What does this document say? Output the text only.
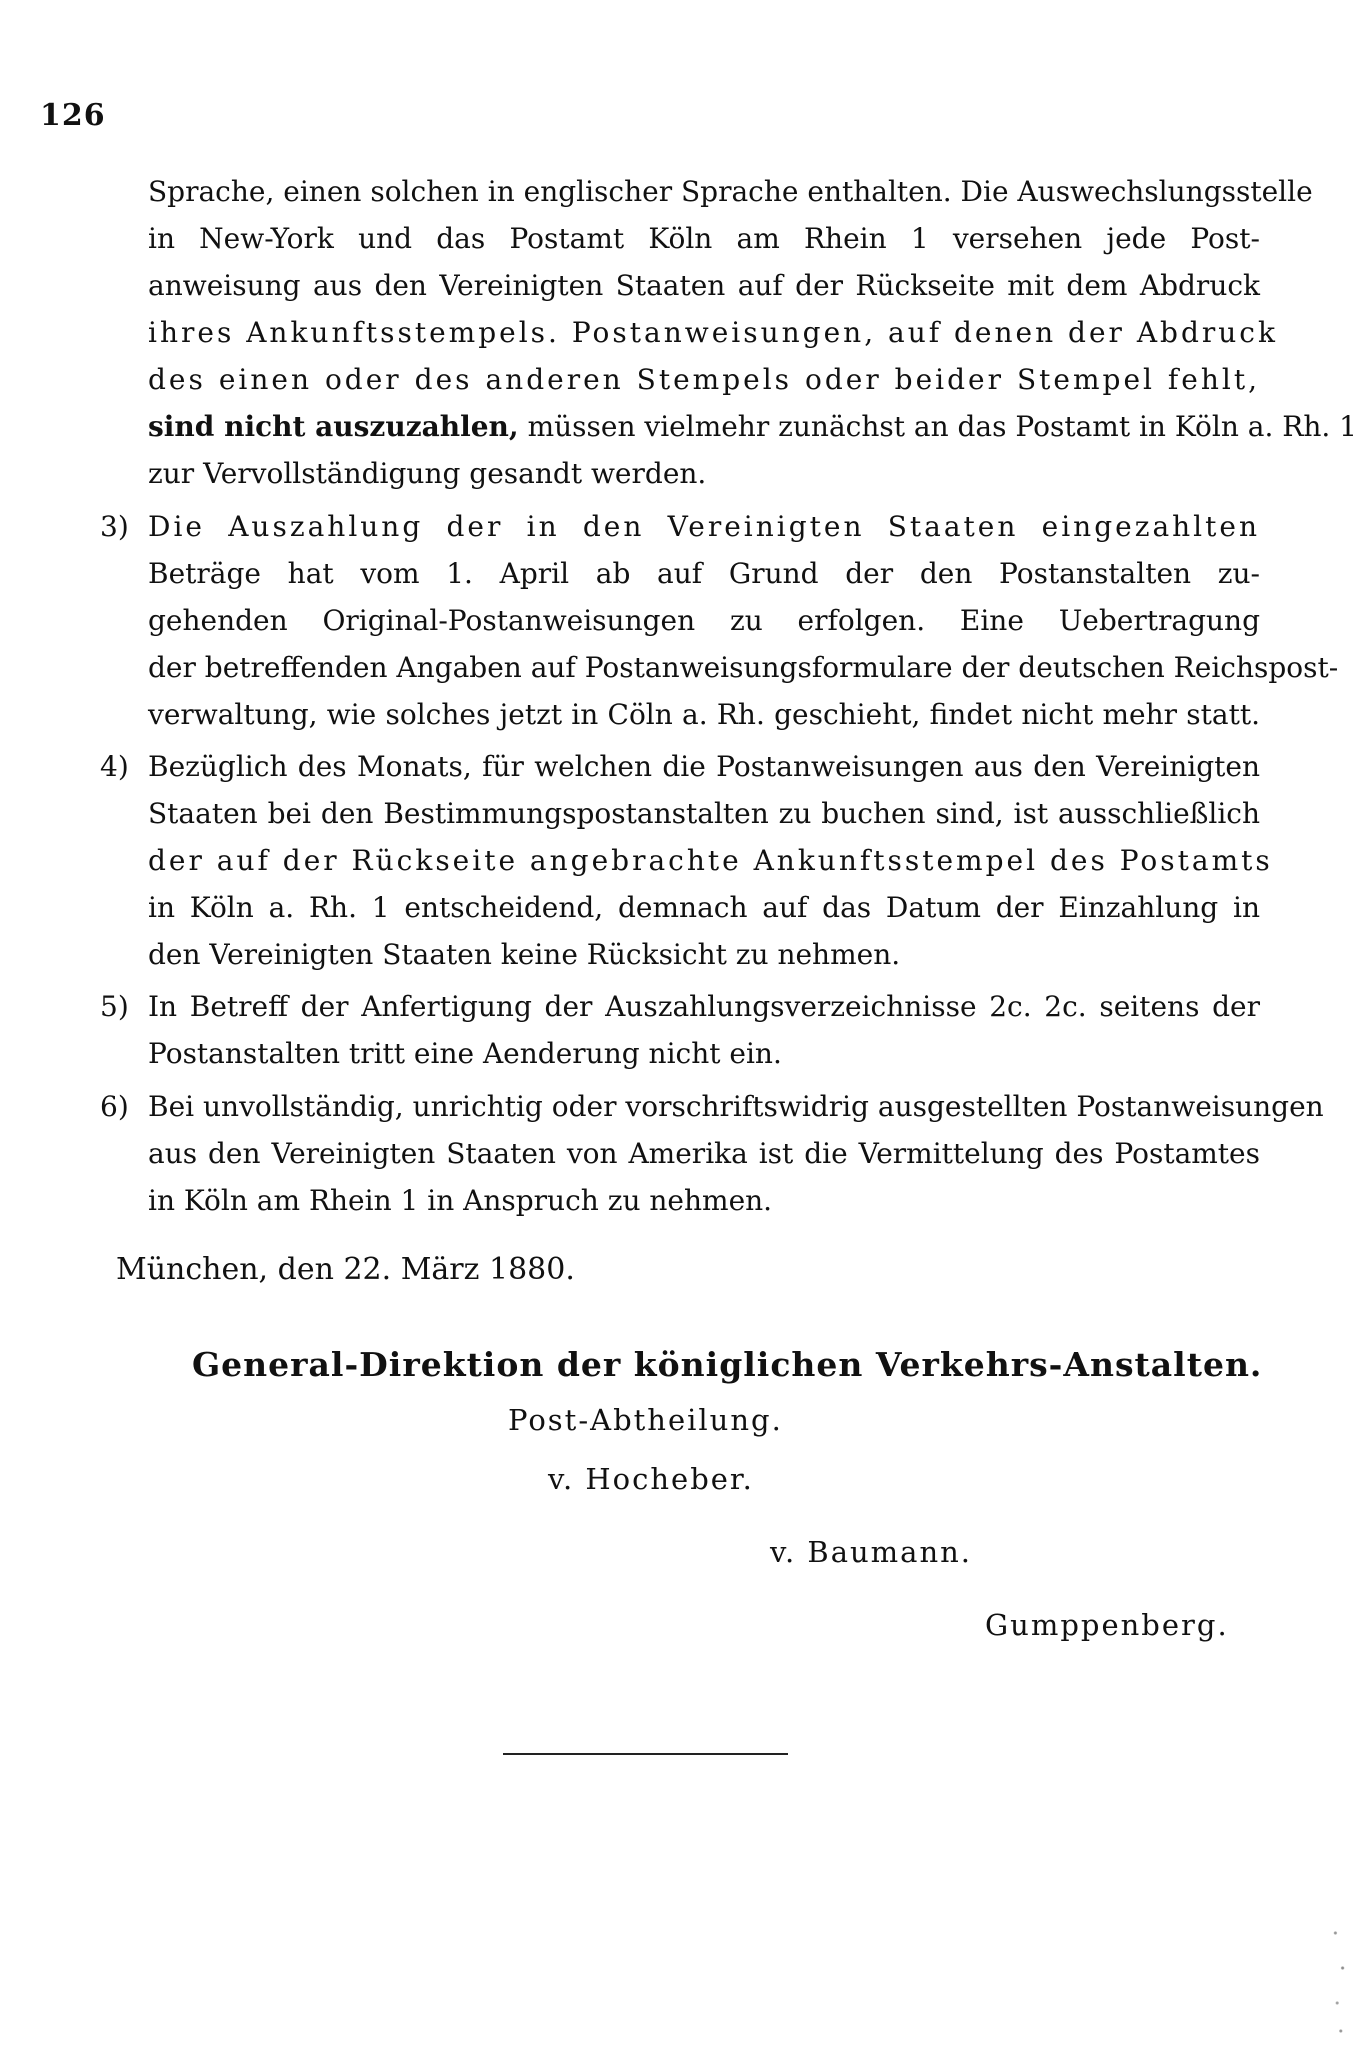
126
Sprache, einen solchen in englischer Sprache enthalten. Die Auswechslungsstelle
in New-York und das Postamt Köln am Rhein 1 versehen jede Post-
anweisung aus den Vereinigten Staaten auf der Rückseite mit dem Abdruck
ihres Ankunftsstempels. Postanweisungen, auf denen der Abdruck
des einen oder des anderen Stempels oder beider Stempel fehlt,
sind nicht auszuzahlen, müssen vielmehr zunächst an das Postamt in Köln a. Rh. 1
zur Vervollständigung gesandt werden.
3) Die Auszahlung der in den Vereinigten Staaten eingezahlten
Beträge hat vom 1. April ab auf Grund der den Postanstalten zu-
gehenden Original-Postanweisungen zu erfolgen. Eine Uebertragung
der betreffenden Angaben auf Postanweisungsformulare der deutschen Reichspost-
verwaltung, wie solches jetzt in Cöln a. Rh. geschieht, findet nicht mehr statt.
4) Bezüglich des Monats, für welchen die Postanweisungen aus den Vereinigten
Staaten bei den Bestimmungspostanstalten zu buchen sind, ist ausschließlich
der auf der Rückseite angebrachte Ankunftsstempel des Postamts
in Köln a. Rh. 1 entscheidend, demnach auf das Datum der Einzahlung in
den Vereinigten Staaten keine Rücksicht zu nehmen.
5) In Betreff der Anfertigung der Auszahlungsverzeichnisse 2c. 2c. seitens der
Postanstalten tritt eine Aenderung nicht ein.
6) Bei unvollständig, unrichtig oder vorschriftswidrig ausgestellten Postanweisungen
aus den Vereinigten Staaten von Amerika ist die Vermittelung des Postamtes
in Köln am Rhein 1 in Anspruch zu nehmen.
München, den 22. März 1880.
General-Direktion der königlichen Verkehrs-Anstalten.
Post-Abtheilung.
v. Hocheber.
v. Baumann.
Gumppenberg.
